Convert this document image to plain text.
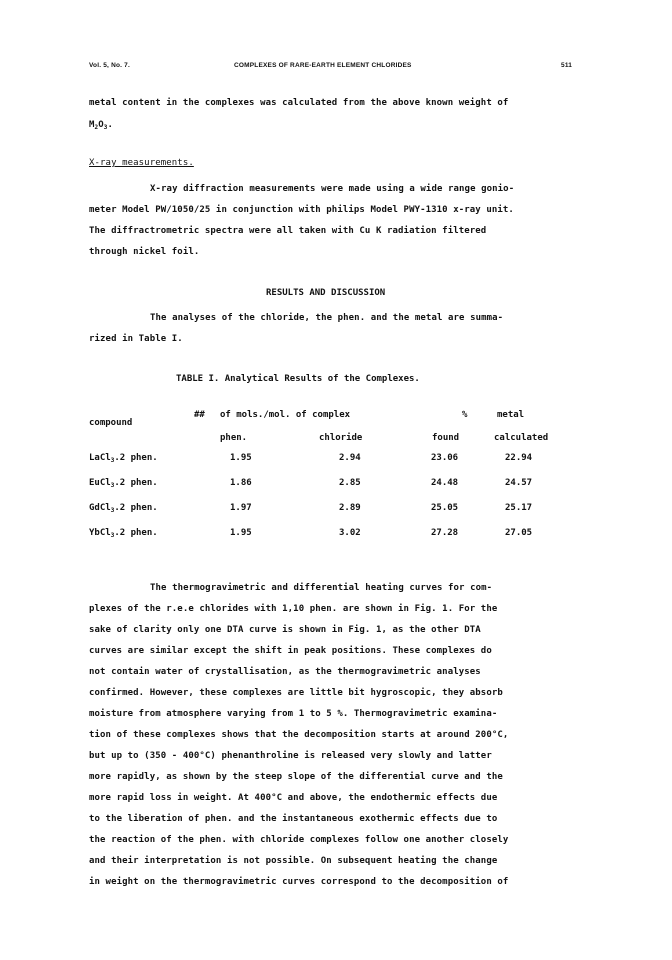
Vol. 5, No. 7.	COMPLEXES OF RARE-EARTH ELEMENT CHLORIDES	511
metal content in the complexes was calculated from the above known weight of
$M_2O_3$.
X-ray measurements.
X-ray diffraction measurements were made using a wide range gonio-
meter Model PW/1050/25 in conjunction with philips Model PWY-1310 x-ray unit.
The diffractrometric spectra were all taken with Cu K radiation filtered
through nickel foil.
RESULTS AND DISCUSSION
The analyses of the chloride, the phen. and the metal are summa-
rized in Table I.
TABLE I. Analytical Results of the Complexes.
compound
## of mols./mol. of complex	%	metal
phen.	chloride	found	calculated
LaCl$_3$.2 phen.	1.95	2.94	23.06	22.94
EuCl$_3$.2 phen.	1.86	2.85	24.48	24.57
GdCl$_3$.2 phen.	1.97	2.89	25.05	25.17
YbCl$_3$.2 phen.	1.95	3.02	27.28	27.05
The thermogravimetric and differential heating curves for com-
plexes of the r.e.e chlorides with 1,10 phen. are shown in Fig. 1. For the
sake of clarity only one DTA curve is shown in Fig. 1, as the other DTA
curves are similar except the shift in peak positions. These complexes do
not contain water of crystallisation, as the thermogravimetric analyses
confirmed. However, these complexes are little bit hygroscopic, they absorb
moisture from atmosphere varying from 1 to 5 %. Thermogravimetric examina-
tion of these complexes shows that the decomposition starts at around 200°C,
but up to (350 - 400°C) phenanthroline is released very slowly and latter
more rapidly, as shown by the steep slope of the differential curve and the
more rapid loss in weight. At 400°C and above, the endothermic effects due
to the liberation of phen. and the instantaneous exothermic effects due to
the reaction of the phen. with chloride complexes follow one another closely
and their interpretation is not possible. On subsequent heating the change
in weight on the thermogravimetric curves correspond to the decomposition of
